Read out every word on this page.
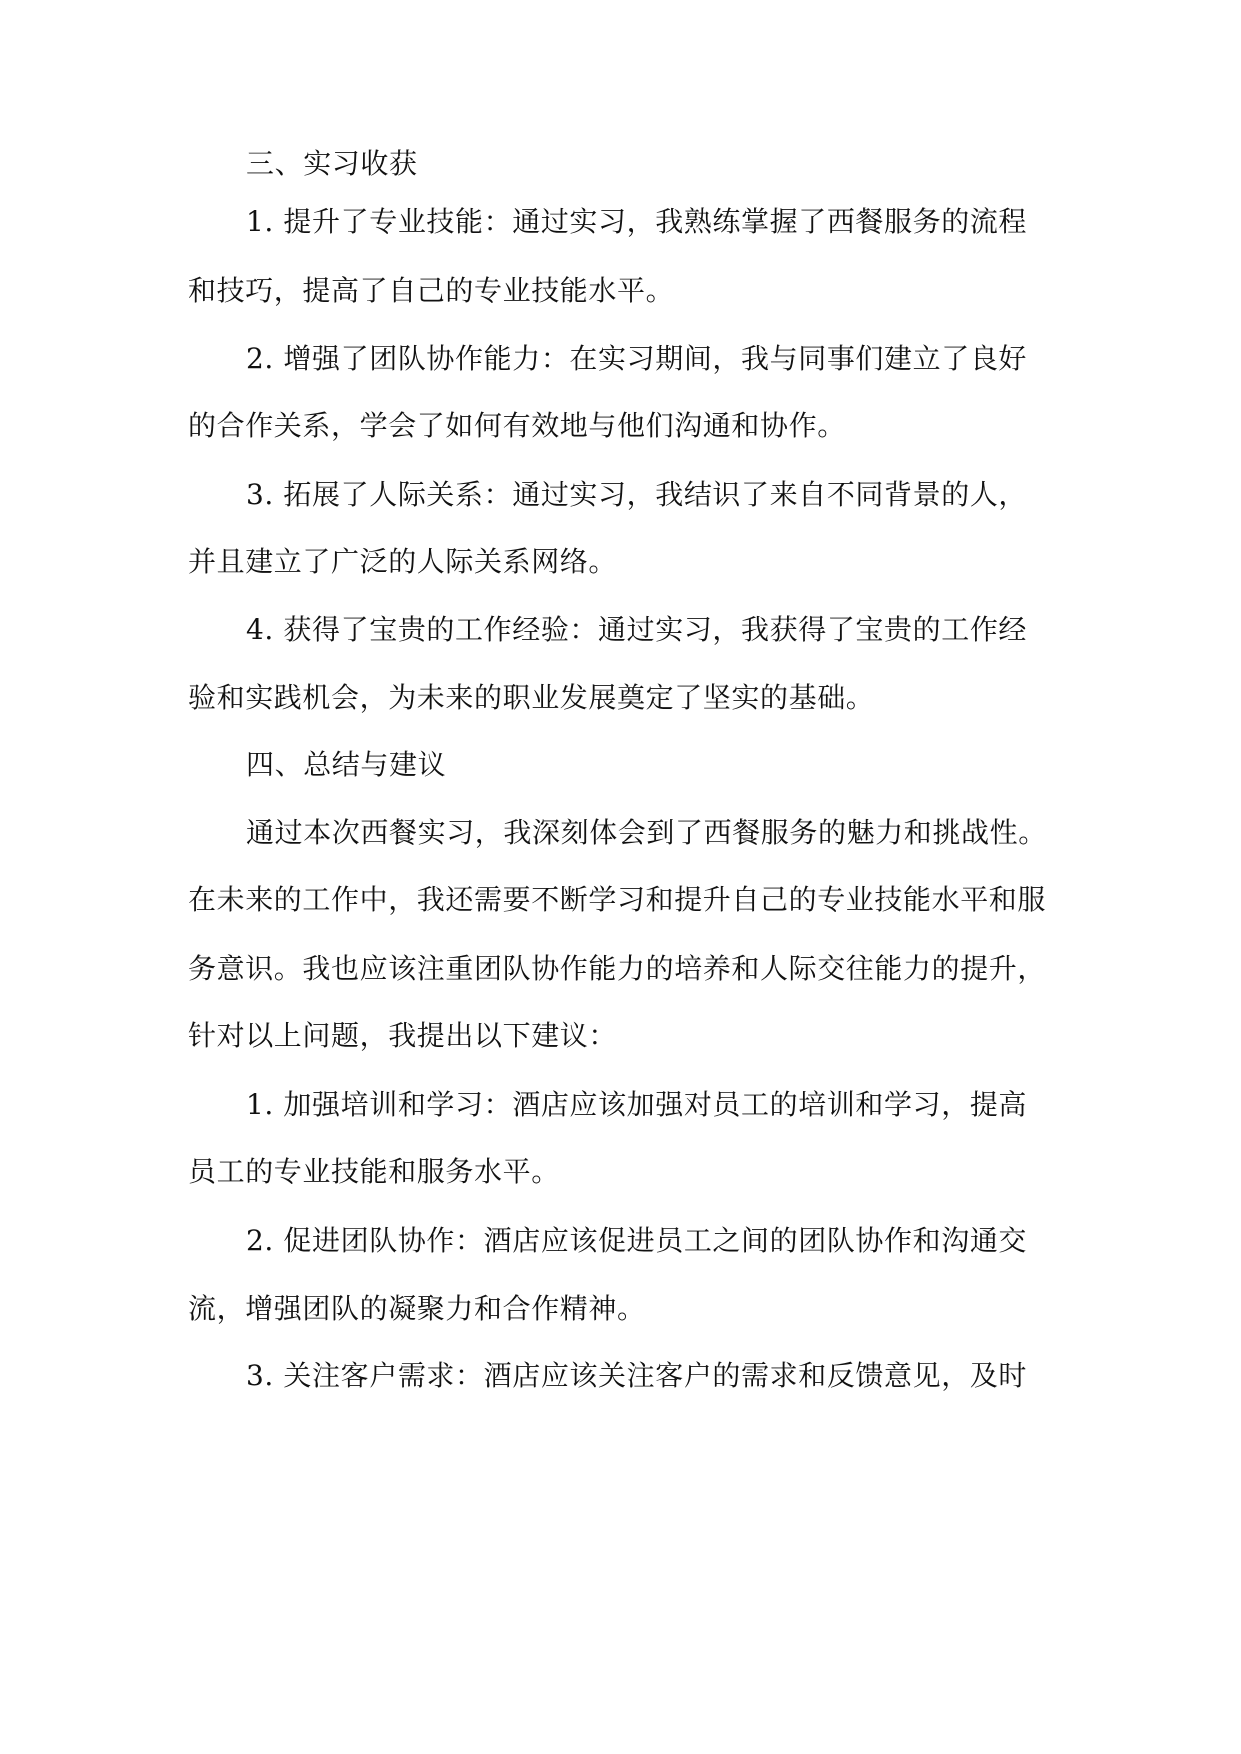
三、实习收获
1. 提升了专业技能：通过实习，我熟练掌握了西餐服务的流程
和技巧，提高了自己的专业技能水平。
2. 增强了团队协作能力：在实习期间，我与同事们建立了良好
的合作关系，学会了如何有效地与他们沟通和协作。
3. 拓展了人际关系：通过实习，我结识了来自不同背景的人，
并且建立了广泛的人际关系网络。
4. 获得了宝贵的工作经验：通过实习，我获得了宝贵的工作经
验和实践机会，为未来的职业发展奠定了坚实的基础。
四、总结与建议
通过本次西餐实习，我深刻体会到了西餐服务的魅力和挑战性。
在未来的工作中，我还需要不断学习和提升自己的专业技能水平和服
务意识。我也应该注重团队协作能力的培养和人际交往能力的提升，
针对以上问题，我提出以下建议：
1. 加强培训和学习：酒店应该加强对员工的培训和学习，提高
员工的专业技能和服务水平。
2. 促进团队协作：酒店应该促进员工之间的团队协作和沟通交
流，增强团队的凝聚力和合作精神。
3. 关注客户需求：酒店应该关注客户的需求和反馈意见，及时
